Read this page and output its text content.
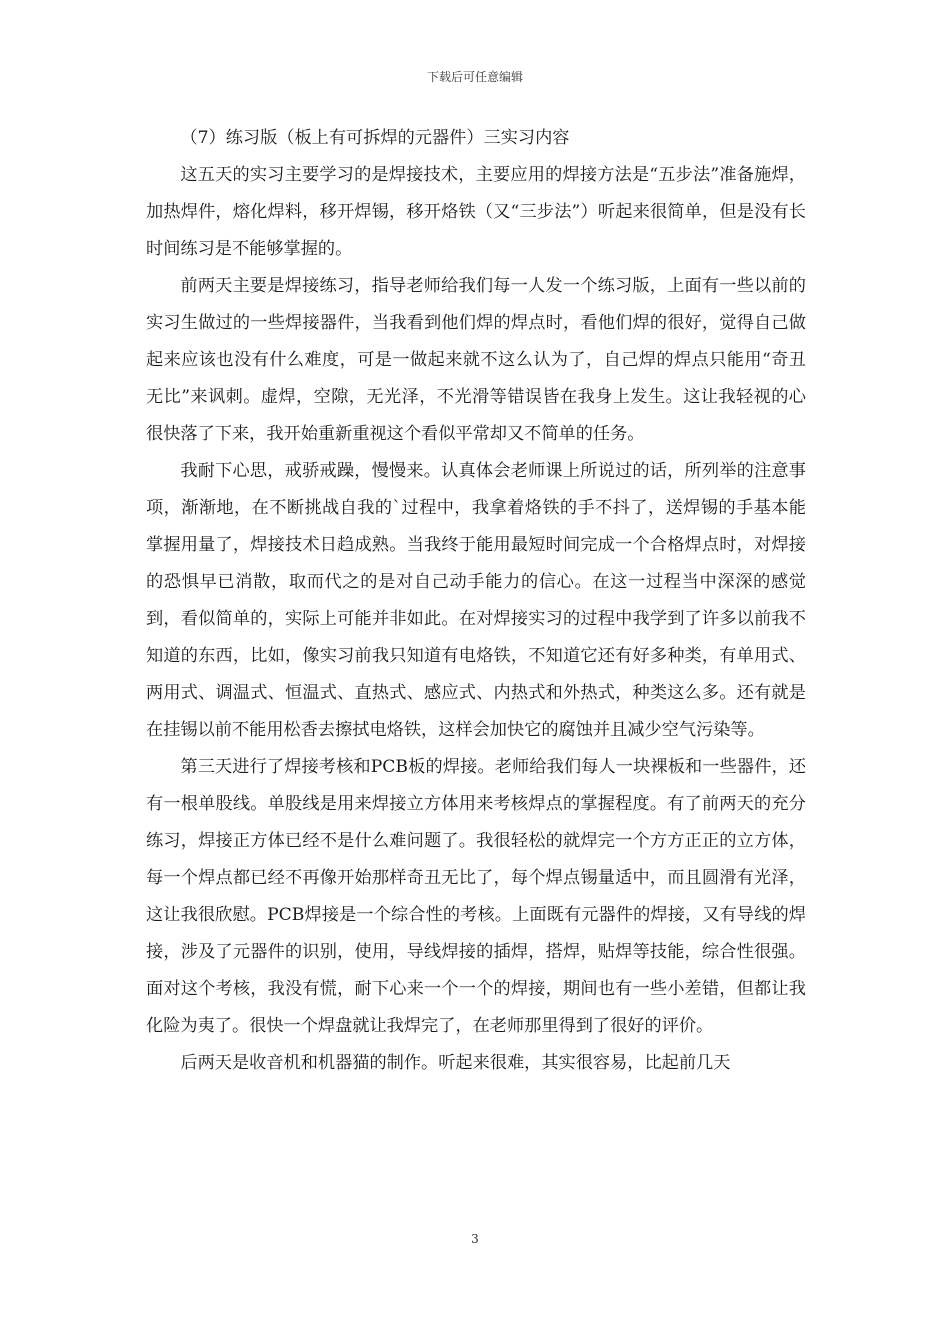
下载后可任意编辑

（7）练习版（板上有可拆焊的元器件）三实习内容

这五天的实习主要学习的是焊接技术，主要应用的焊接方法是“五步法”准备施焊，加热焊件，熔化焊料，移开焊锡，移开烙铁（又“三步法”）听起来很简单，但是没有长时间练习是不能够掌握的。

前两天主要是焊接练习，指导老师给我们每一人发一个练习版，上面有一些以前的实习生做过的一些焊接器件，当我看到他们焊的焊点时，看他们焊的很好，觉得自己做起来应该也没有什么难度，可是一做起来就不这么认为了，自己焊的焊点只能用“奇丑无比”来讽刺。虚焊，空隙，无光泽，不光滑等错误皆在我身上发生。这让我轻视的心很快落了下来，我开始重新重视这个看似平常却又不简单的任务。

我耐下心思，戒骄戒躁，慢慢来。认真体会老师课上所说过的话，所列举的注意事项，渐渐地，在不断挑战自我的`过程中，我拿着烙铁的手不抖了，送焊锡的手基本能掌握用量了，焊接技术日趋成熟。当我终于能用最短时间完成一个合格焊点时，对焊接的恐惧早已消散，取而代之的是对自己动手能力的信心。在这一过程当中深深的感觉到，看似简单的，实际上可能并非如此。在对焊接实习的过程中我学到了许多以前我不知道的东西，比如，像实习前我只知道有电烙铁，不知道它还有好多种类，有单用式、两用式、调温式、恒温式、直热式、感应式、内热式和外热式，种类这么多。还有就是在挂锡以前不能用松香去擦拭电烙铁，这样会加快它的腐蚀并且减少空气污染等。

第三天进行了焊接考核和PCB板的焊接。老师给我们每人一块裸板和一些器件，还有一根单股线。单股线是用来焊接立方体用来考核焊点的掌握程度。有了前两天的充分练习，焊接正方体已经不是什么难问题了。我很轻松的就焊完一个方方正正的立方体，每一个焊点都已经不再像开始那样奇丑无比了，每个焊点锡量适中，而且圆滑有光泽，这让我很欣慰。PCB焊接是一个综合性的考核。上面既有元器件的焊接，又有导线的焊接，涉及了元器件的识别，使用，导线焊接的插焊，搭焊，贴焊等技能，综合性很强。面对这个考核，我没有慌，耐下心来一个一个的焊接，期间也有一些小差错，但都让我化险为夷了。很快一个焊盘就让我焊完了，在老师那里得到了很好的评价。

后两天是收音机和机器猫的制作。听起来很难，其实很容易，比起前几天

3
